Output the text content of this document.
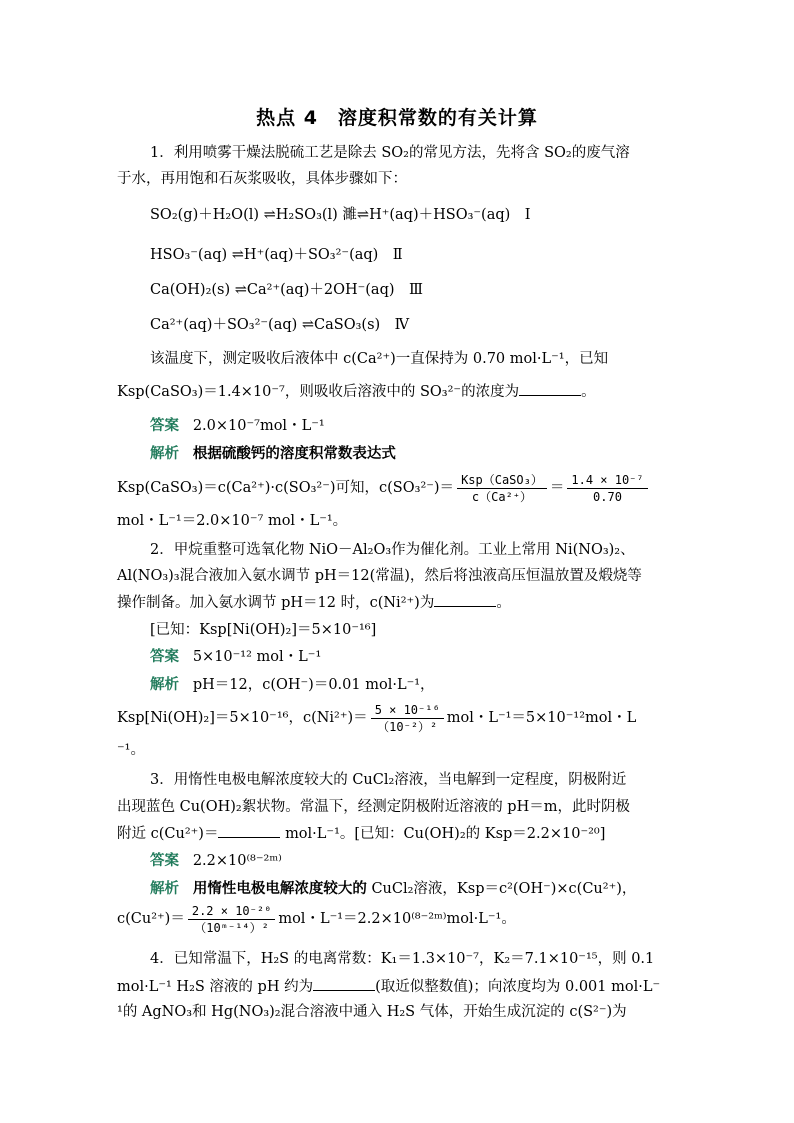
热点 4　溶度积常数的有关计算
1．利用喷雾干燥法脱硫工艺是除去 SO₂的常见方法，先将含 SO₂的废气溶
于水，再用饱和石灰浆吸收，具体步骤如下：
SO₂(g)＋H₂O(l) ⇌H₂SO₃(l) 濉⇌H⁺(aq)＋HSO₃⁻(aq)　Ⅰ
HSO₃⁻(aq) ⇌H⁺(aq)＋SO₃²⁻(aq)　Ⅱ
Ca(OH)₂(s) ⇌Ca²⁺(aq)＋2OH⁻(aq)　Ⅲ
Ca²⁺(aq)＋SO₃²⁻(aq) ⇌CaSO₃(s)　Ⅳ
该温度下，测定吸收后液体中 c(Ca²⁺)一直保持为 0.70 mol·L⁻¹，已知
Ksp(CaSO₃)＝1.4×10⁻⁷，则吸收后溶液中的 SO₃²⁻的浓度为	。
答案 2.0×10⁻⁷mol・L⁻¹
解析 根据硫酸钙的溶度积常数表达式
Ksp(CaSO₃)＝c(Ca²⁺)·c(SO₃²⁻)可知，$c(SO_3^{2-})= \frac{\text{Ksp（CaSO₃）}}{\text{c（Ca²⁺）}} = \frac{\text{1.4 × 10⁻⁷}}{0.70}$
mol・L⁻¹＝2.0×10⁻⁷ mol・L⁻¹。
2．甲烷重整可选氧化物 NiO－Al₂O₃作为催化剂。工业上常用 Ni(NO₃)₂、
Al(NO₃)₃混合液加入氨水调节 pH＝12(常温)，然后将浊液高压恒温放置及煅烧等
操作制备。加入氨水调节 pH＝12 时，c(Ni²⁺)为	。
[已知：Ksp[Ni(OH)₂]＝5×10⁻¹⁶]
答案 5×10⁻¹² mol・L⁻¹
解析 pH＝12，c(OH⁻)＝0.01 mol·L⁻¹，
Ksp[Ni(OH)₂]＝5×10⁻¹⁶，$c(Ni^{2+})= \frac{\text{5 × 10⁻¹⁶}}{\text{（10⁻²）²}}$ mol・L⁻¹＝5×10⁻¹²mol・L
⁻¹。
3．用惰性电极电解浓度较大的 CuCl₂溶液，当电解到一定程度，阴极附近
出现蓝色 Cu(OH)₂絮状物。常温下，经测定阴极附近溶液的 pH＝m，此时阴极
附近 c(Cu²⁺)＝	mol·L⁻¹。[已知：Cu(OH)₂的 Ksp＝2.2×10⁻²⁰]
答案 2.2×10⁽⁸⁻²ᵐ⁾
解析 用惰性电极电解浓度较大的 CuCl₂溶液，Ksp＝c²(OH⁻)×c(Cu²⁺)，
$c(Cu^{2+})= \frac{\text{2.2 × 10⁻²⁰}}{\text{（10ᵐ⁻¹⁴）²}}$ mol・L⁻¹＝2.2×10⁽⁸⁻²ᵐ⁾mol·L⁻¹。
4．已知常温下，H₂S 的电离常数：K₁＝1.3×10⁻⁷，K₂＝7.1×10⁻¹⁵，则 0.1
mol·L⁻¹ H₂S 溶液的 pH 约为	(取近似整数值)；向浓度均为 0.001 mol·L⁻
¹的 AgNO₃和 Hg(NO₃)₂混合溶液中通入 H₂S 气体，开始生成沉淀的 c(S²⁻)为
